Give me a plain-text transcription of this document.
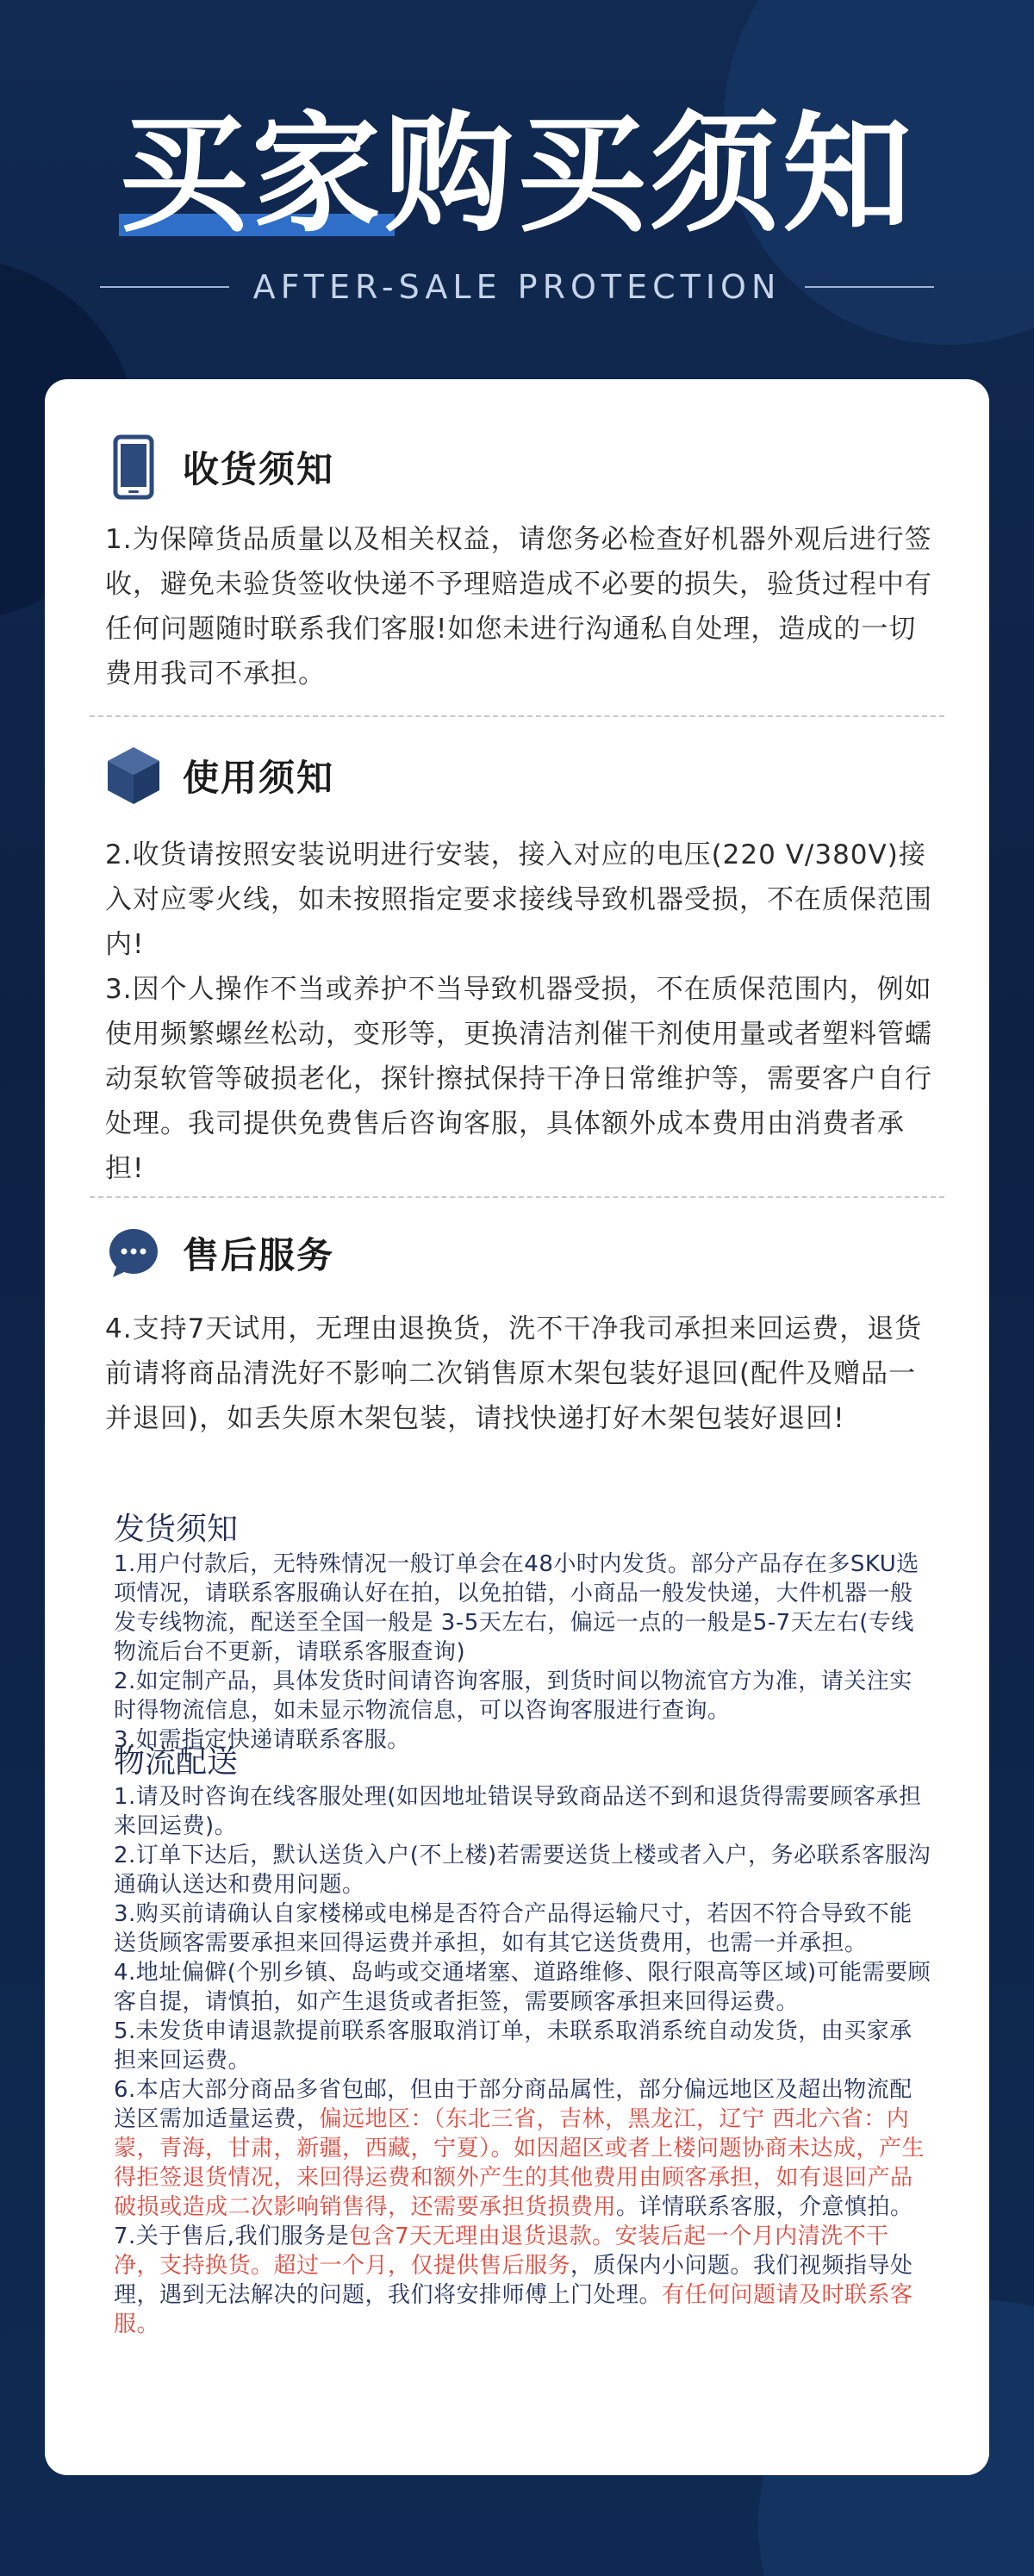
买家购买须知
AFTER-SALE PROTECTION
收货须知

1.为保障货品质量以及相关权益，请您务必检查好机器外观后进行签收，避免未验货签收快递不予理赔造成不必要的损失，验货过程中有任何问题随时联系我们客服!如您未进行沟通私自处理，造成的一切费用我司不承担。

使用须知

2.收货请按照安装说明进行安装，接入对应的电压(220 V/380V)接入对应零火线，如未按照指定要求接线导致机器受损，不在质保范围内!

3.因个人操作不当或养护不当导致机器受损，不在质保范围内，例如使用频繁螺丝松动，变形等，更换清洁剂催干剂使用量或者塑料管蠕动泵软管等破损老化，探针擦拭保持干净日常维护等，需要客户自行处理。我司提供免费售后咨询客服，具体额外成本费用由消费者承担!

售后服务

4.支持7天试用，无理由退换货，洗不干净我司承担来回运费，退货前请将商品清洗好不影响二次销售原木架包装好退回(配件及赠品一并退回)，如丢失原木架包装，请找快递打好木架包装好退回!

发货须知

1.用户付款后，无特殊情况一般订单会在48小时内发货。部分产品存在多SKU选项情况，请联系客服确认好在拍，以免拍错，小商品一般发快递，大件机器一般发专线物流，配送至全国一般是 3-5天左右，偏远一点的一般是5-7天左右(专线物流后台不更新，请联系客服查询)

2.如定制产品，具体发货时间请咨询客服，到货时间以物流官方为准，请关注实时得物流信息，如未显示物流信息，可以咨询客服进行查询。

3.如需指定快递请联系客服。

物流配送

1.请及时咨询在线客服处理(如因地址错误导致商品送不到和退货得需要顾客承担来回运费)。

2.订单下达后，默认送货入户(不上楼)若需要送货上楼或者入户，务必联系客服沟通确认送达和费用问题。

3.购买前请确认自家楼梯或电梯是否符合产品得运输尺寸，若因不符合导致不能送货顾客需要承担来回得运费并承担，如有其它送货费用，也需一并承担。

4.地址偏僻(个别乡镇、岛屿或交通堵塞、道路维修、限行限高等区域)可能需要顾客自提，请慎拍，如产生退货或者拒签，需要顾客承担来回得运费。

5.未发货申请退款提前联系客服取消订单，未联系取消系统自动发货，由买家承担来回运费。

6.本店大部分商品多省包邮，但由于部分商品属性，部分偏远地区及超出物流配送区需加适量运费，偏远地区：（东北三省，吉林，黑龙江，辽宁 西北六省：内蒙，青海，甘肃，新疆，西藏，宁夏）。如因超区或者上楼问题协商未达成，产生得拒签退货情况，来回得运费和额外产生的其他费用由顾客承担，如有退回产品破损或造成二次影响销售得，还需要承担货损费用。详情联系客服，介意慎拍。

7.关于售后,我们服务是包含7天无理由退货退款。安装后起一个月内清洗不干净，支持换货。超过一个月，仅提供售后服务，质保内小问题。我们视频指导处理，遇到无法解决的问题，我们将安排师傅上门处理。有任何问题请及时联系客服。
